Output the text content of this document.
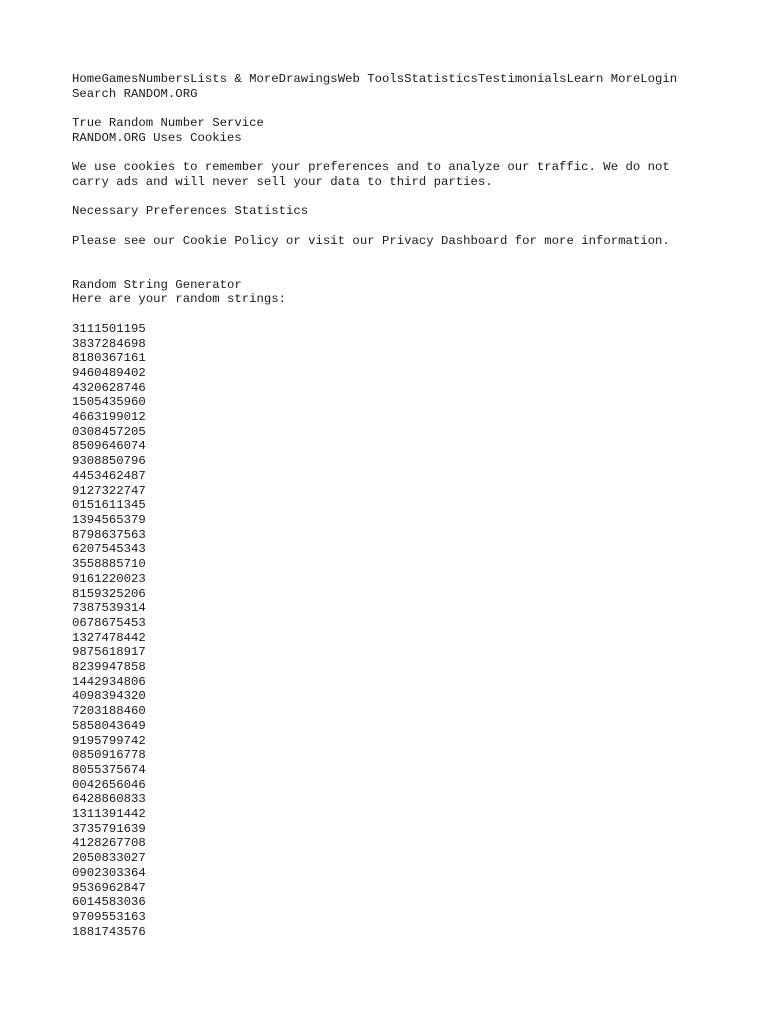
HomeGamesNumbersLists & MoreDrawingsWeb ToolsStatisticsTestimonialsLearn MoreLogin
Search RANDOM.ORG
True Random Number Service
RANDOM.ORG Uses Cookies
We use cookies to remember your preferences and to analyze our traffic. We do not carry ads and will never sell your data to third parties.
Necessary Preferences Statistics
Please see our Cookie Policy or visit our Privacy Dashboard for more information.
Random String Generator
Here are your random strings:
3111501195
3837284698
8180367161
9460489402
4320628746
1505435960
4663199012
0308457205
8509646074
9308850796
4453462487
9127322747
0151611345
1394565379
8798637563
6207545343
3558885710
9161220023
8159325206
7387539314
0678675453
1327478442
9875618917
8239947858
1442934806
4098394320
7203188460
5858043649
9195799742
0850916778
8055375674
0042656046
6428860833
1311391442
3735791639
4128267708
2050833027
0902303364
9536962847
6014583036
9709553163
1881743576
